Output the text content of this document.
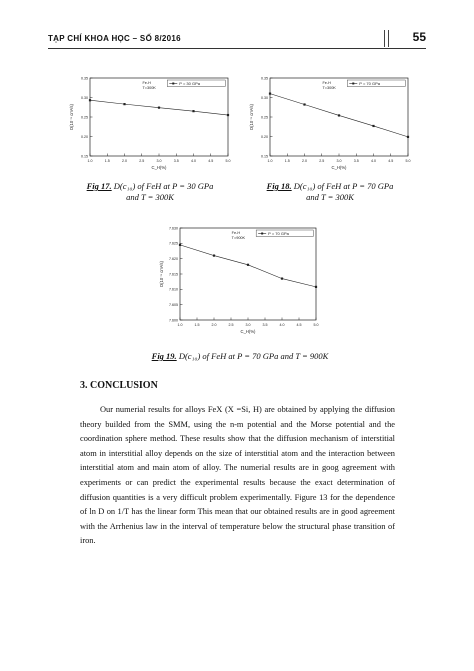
TẠP CHÍ KHOA HỌC – SỐ 8/2016	55
1.0	1.5	2.0	2.5	3.0	3.5	4.0	4.5	5.0
0.15
0.20
0.25
0.30
0.35
C_H(%)
D(10⁻⁶ cm²/s)
Fe-H
T=300K
P = 30 GPa
1.0	1.5	2.0	2.5	3.0	3.5	4.0	4.5	5.0
0.15
0.20
0.25
0.30
0.35
C_H(%)
D(10⁻⁶ cm²/s)
Fe-H
T=300K
P = 70 GPa
1.0	1.5	2.0	2.5	3.0	3.5	4.0	4.5	5.0
7.600
7.605
7.610
7.615
7.620
7.625
7.630
C_H(%)
D(10⁻⁶ cm²/s)
Fe-H
T=900K
P = 70 GPa
Fig 17. D(c₁₀) of FeH at P = 30 GPa
and T = 300K
Fig 18. D(c₁₀) of FeH at P = 70 GPa
and T = 300K
Fig 19. D(c₁₀) of FeH at P = 70 GPa and T = 900K
3. CONCLUSION
Our numerial results for alloys FeX (X =Si, H) are obtained by applying the diffusion theory builded from the SMM, using the n-m potential and the Morse potential and the coordination sphere method. These results show that the diffusion mechanism of interstitial atom in interstitial alloy depends on the size of interstitial atom and the interaction between interstitial atom and main atom of alloy. The numerial results are in goog agreement with experiments or can predict the experimental results because the exact determination of diffusion quantities is a very difficult problem experimentally. Figure 13 for the dependence of ln D on 1/T has the linear form This mean that our obtained results are in good agreement with the Arrhenius law in the interval of temperature below the structural phase transition of iron.
